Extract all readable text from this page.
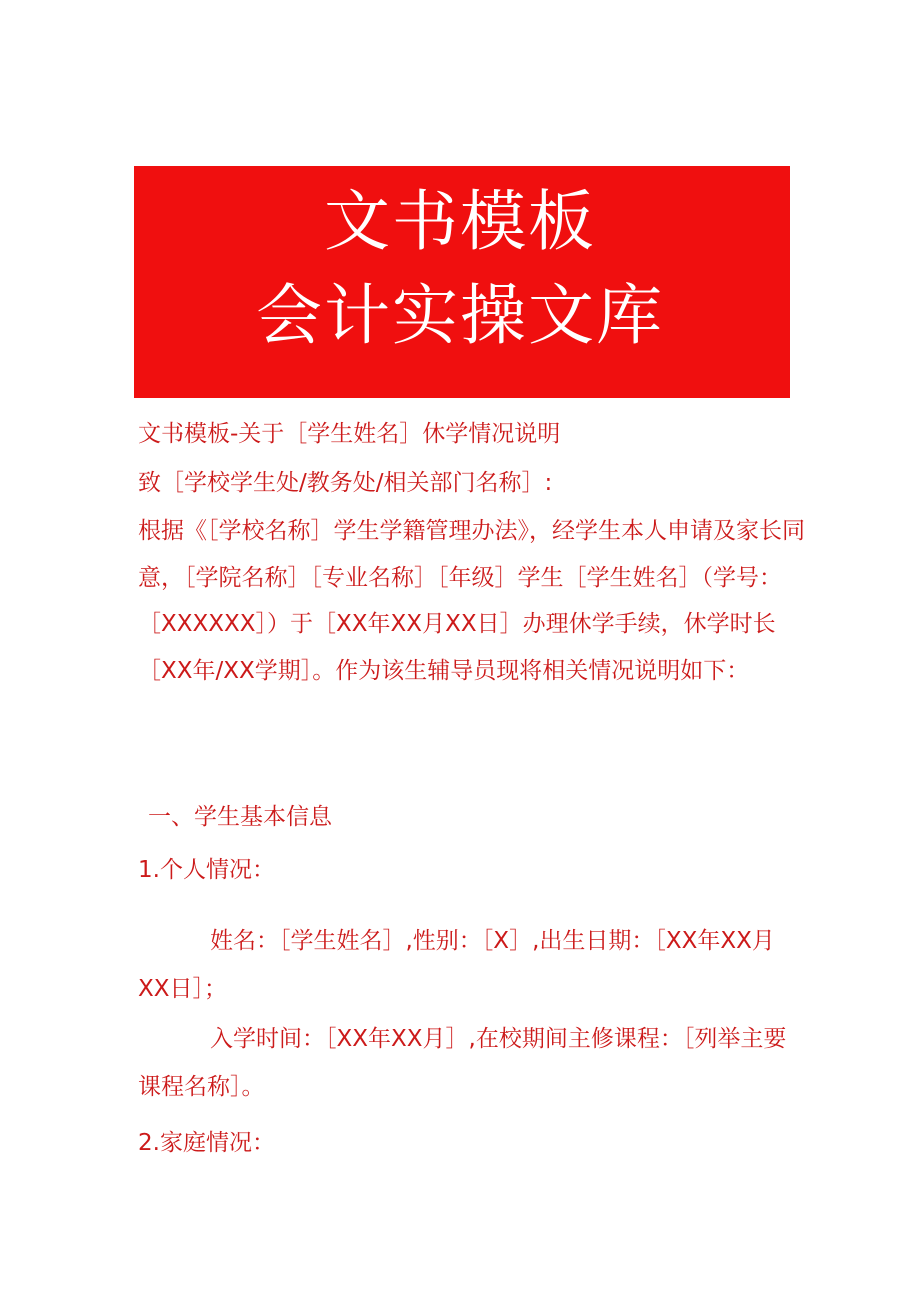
文书模板
会计实操文库
文书模板-关于［学生姓名］休学情况说明
致［学校学生处/教务处/相关部门名称］:
根据《［学校名称］学生学籍管理办法》，经学生本人申请及家长同
意，［学院名称］［专业名称］［年级］学生［学生姓名］（学号：
［XXXXXX］）于［XX年XX月XX日］办理休学手续，休学时长
［XX年/XX学期］。作为该生辅导员现将相关情况说明如下：
一、学生基本信息
1.个人情况：
姓名：［学生姓名］,性别：［X］,出生日期：［XX年XX月
XX日］；
入学时间：［XX年XX月］,在校期间主修课程：［列举主要
课程名称］。
2.家庭情况：
